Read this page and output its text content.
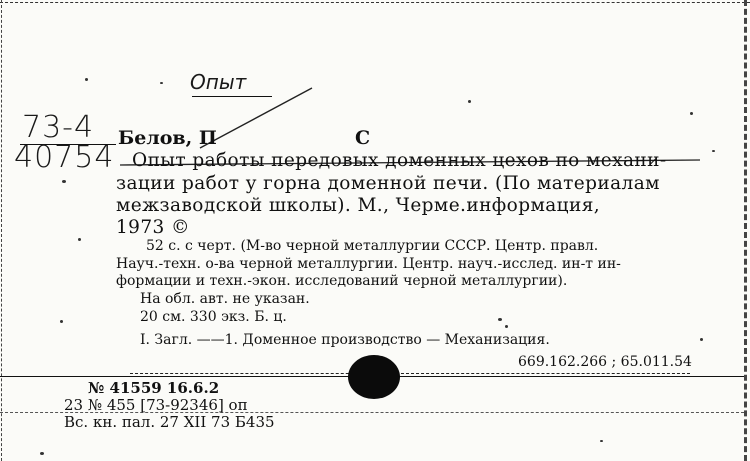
Опыт
73-4
40754
Белов, П	С
Опыт работы передовых доменных цехов по механи-
зации работ у горна доменной печи. (По материалам
межзаводской школы). М., Черме.информация,
1973 ©
52 с. с черт. (М-во черной металлургии СССР. Центр. правл.
Науч.-техн. о-ва черной металлургии. Центр. науч.-исслед. ин-т ин-
формации и техн.-экон. исследований черной металлургии).
На обл. авт. не указан.
20 см. 330 экз. Б. ц.
I. Загл. ——1. Доменное производство — Механизация.
669.162.266 ; 65.011.54
№ 41559 16.6.2
23 № 455 [73-92346] оп
Вс. кн. пал. 27 XII 73 Б435
